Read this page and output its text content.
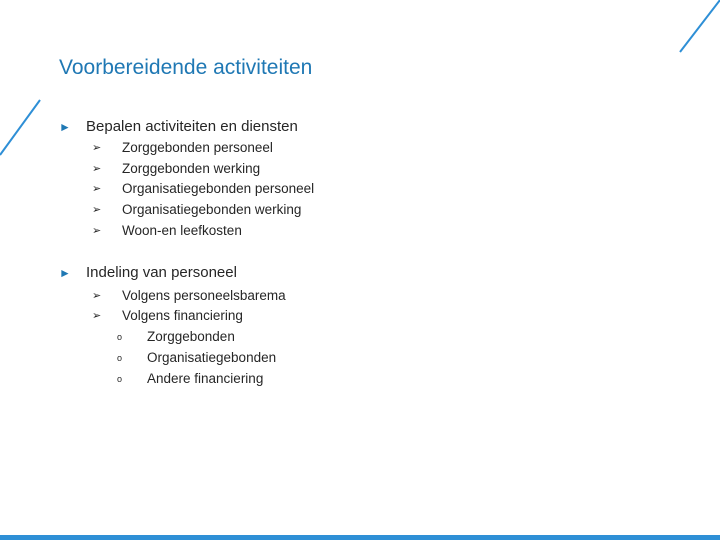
Voorbereidende activiteiten
►	Bepalen activiteiten en diensten
➢	Zorggebonden personeel
➢	Zorggebonden werking
➢	Organisatiegebonden personeel
➢	Organisatiegebonden werking
➢	Woon-en leefkosten
►	Indeling van personeel
➢	Volgens personeelsbarema
➢	Volgens financiering
o	Zorggebonden
o	Organisatiegebonden
o	Andere financiering
